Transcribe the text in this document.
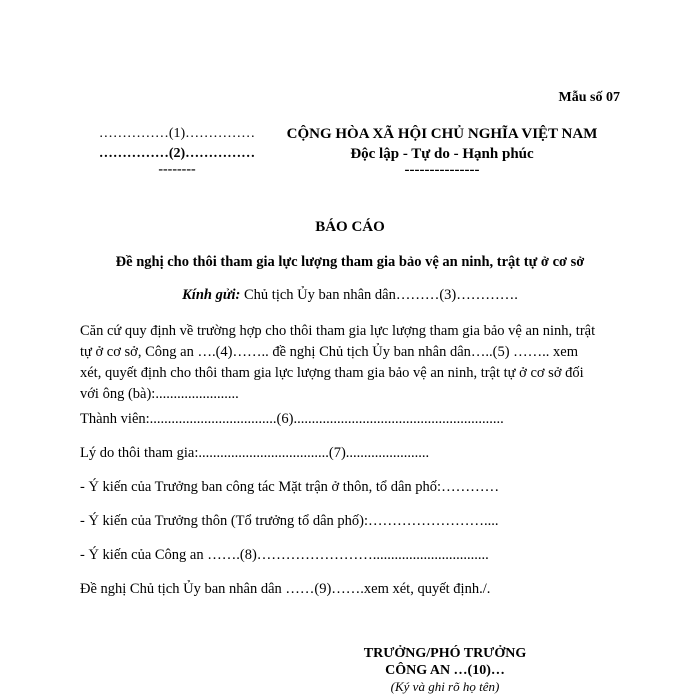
Mẫu số 07
……………(1)……………
……………(2)……………
--------
CỘNG HÒA XÃ HỘI CHỦ NGHĨA VIỆT NAM
Độc lập - Tự do - Hạnh phúc
---------------
BÁO CÁO
Đề nghị cho thôi tham gia lực lượng tham gia bảo vệ an ninh, trật tự ở cơ sở
Kính gửi: Chủ tịch Ủy ban nhân dân………(3)………….
Căn cứ quy định về trường hợp cho thôi tham gia lực lượng tham gia bảo vệ an ninh, trật
tự ở cơ sở, Công an ….(4)…….. đề nghị Chủ tịch Ủy ban nhân dân…..(5) …….. xem
xét, quyết định cho thôi tham gia lực lượng tham gia bảo vệ an ninh, trật tự ở cơ sở đối
với ông (bà):.......................
Thành viên:...................................(6)..........................................................
Lý do thôi tham gia:....................................(7).......................
- Ý kiến của Trưởng ban công tác Mặt trận ở thôn, tổ dân phố:…………
- Ý kiến của Trưởng thôn (Tổ trưởng tổ dân phố):……………………....
- Ý kiến của Công an …….(8)……………………................................
Đề nghị Chủ tịch Ủy ban nhân dân ……(9)…….xem xét, quyết định./.
TRƯỞNG/PHÓ TRƯỞNG
CÔNG AN …(10)…
(Ký và ghi rõ họ tên)
